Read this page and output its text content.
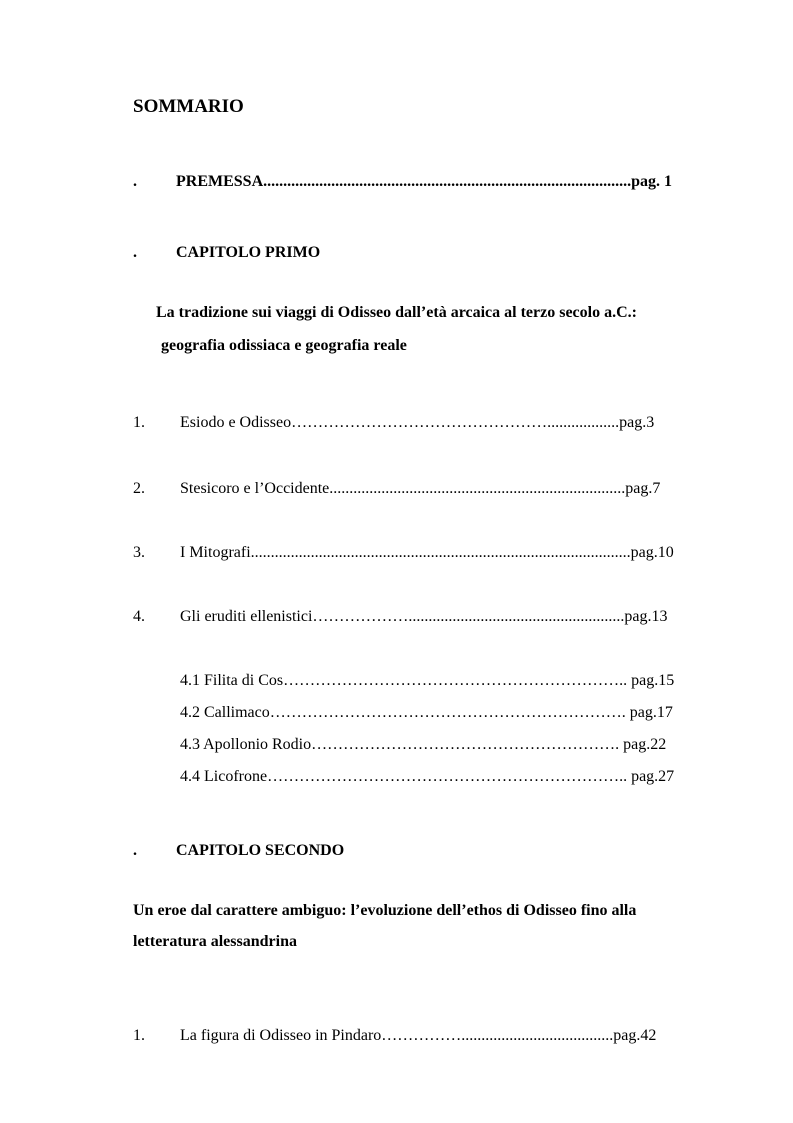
SOMMARIO
. PREMESSA............................................................................................pag. 1
. CAPITOLO PRIMO
La tradizione sui viaggi di Odisseo dall’età arcaica al terzo secolo a.C.:
geografia odissiaca e geografia reale
1. Esiodo e Odisseo…………………………………………..................pag.3
2. Stesicoro e l’Occidente..........................................................................pag.7
3. I Mitografi...............................................................................................pag.10
4. Gli eruditi ellenistici………………......................................................pag.13
4.1 Filita di Cos……………………………………………………….. pag.15
4.2 Callimaco…………………………………………………………. pag.17
4.3 Apollonio Rodio…………………………………………………. pag.22
4.4 Licofrone………………………………………………………….. pag.27
. CAPITOLO SECONDO
Un eroe dal carattere ambiguo: l’evoluzione dell’ethos di Odisseo fino alla
letteratura alessandrina
1. La figura di Odisseo in Pindaro……………......................................pag.42
